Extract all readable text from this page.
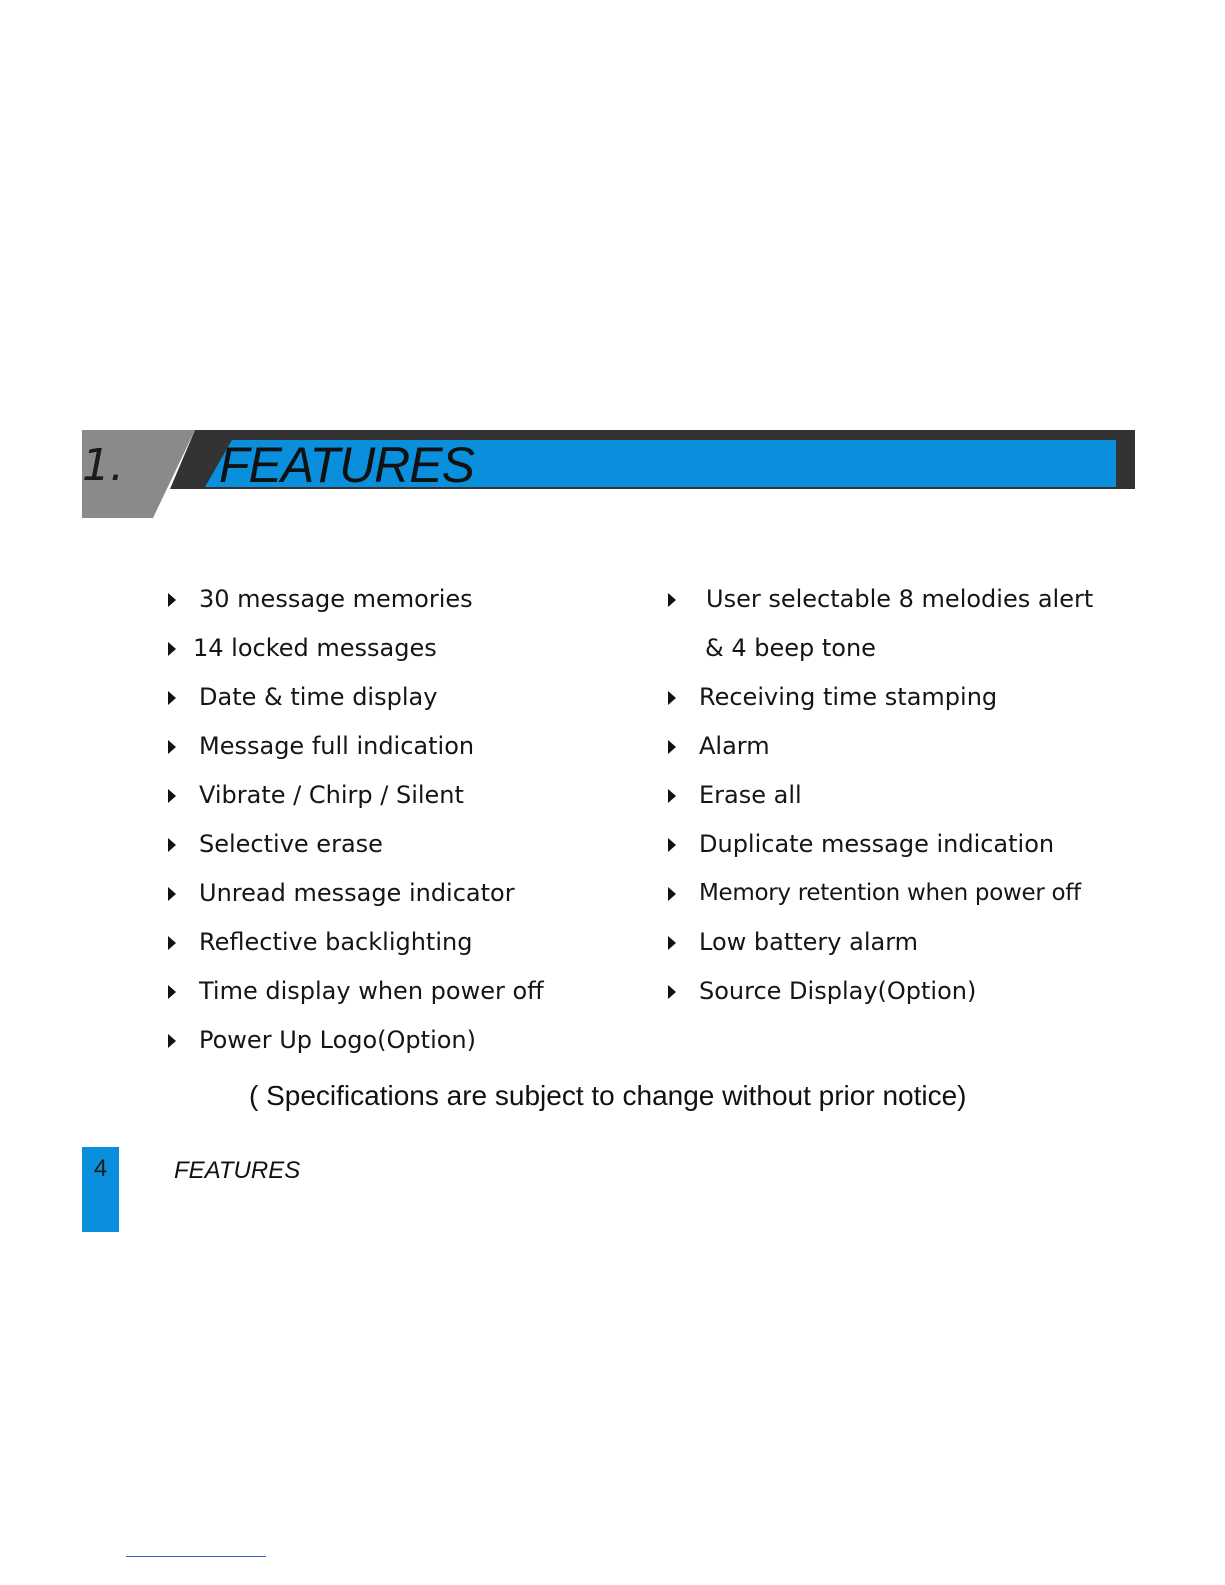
1. FEATURES
30 message memories
14 locked messages
Date & time display
Message full indication
Vibrate / Chirp / Silent
Selective erase
Unread message indicator
Reflective backlighting
Time display when power off
Power Up Logo(Option)
User selectable 8 melodies alert
& 4 beep tone
Receiving time stamping
Alarm
Erase all
Duplicate message indication
Memory retention when power off
Low battery alarm
Source Display(Option)
( Specifications are subject to change without prior notice)
4	FEATURES
